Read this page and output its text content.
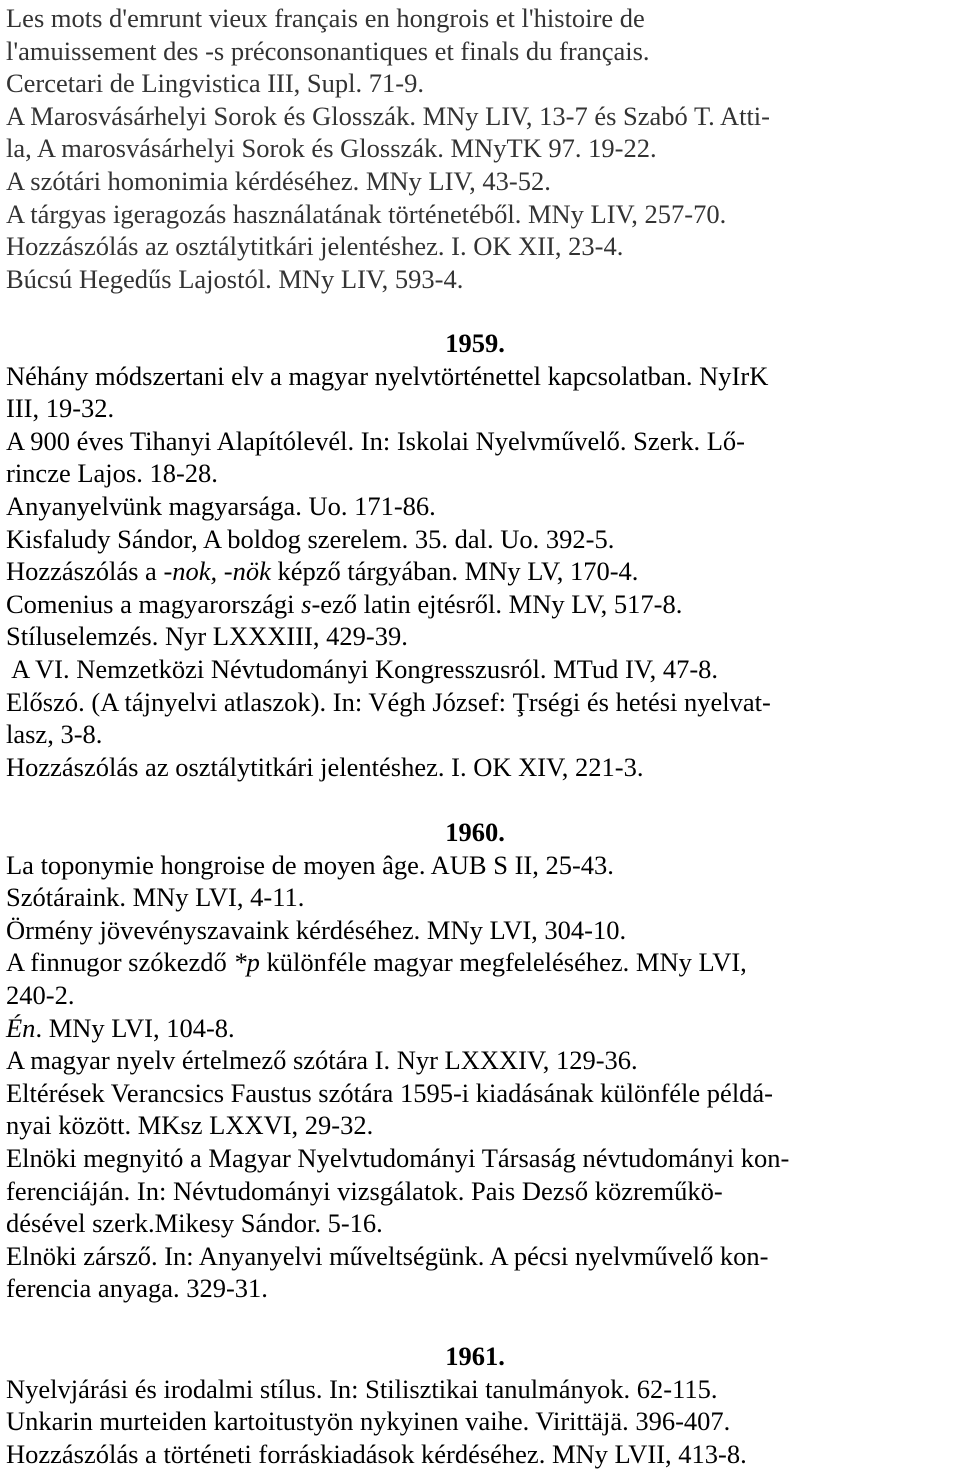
Les mots d'emrunt vieux français en hongrois et l'histoire de
l'amuissement des -s préconsonantiques et finals du français.
Cercetari de Lingvistica III, Supl. 71-9.
A Marosvásárhelyi Sorok és Glosszák. MNy LIV, 13-7 és Szabó T. Atti-
la, A marosvásárhelyi Sorok és Glosszák. MNyTK 97. 19-22.
A szótári homonimia kérdéséhez. MNy LIV, 43-52.
A tárgyas igeragozás használatának történetéből. MNy LIV, 257-70.
Hozzászólás az osztálytitkári jelentéshez. I. OK XII, 23-4.
Búcsú Hegedűs Lajostól. MNy LIV, 593-4.
1959.
Néhány módszertani elv a magyar nyelvtörténettel kapcsolatban. NyIrK
III, 19-32.
A 900 éves Tihanyi Alapítólevél. In: Iskolai Nyelvművelő. Szerk. Lő-
rincze Lajos. 18-28.
Anyanyelvünk magyarsága. Uo. 171-86.
Kisfaludy Sándor, A boldog szerelem. 35. dal. Uo. 392-5.
Hozzászólás a -nok, -nök képző tárgyában. MNy LV, 170-4.
Comenius a magyarországi s-ező latin ejtésről. MNy LV, 517-8.
Stíluselemzés. Nyr LXXXIII, 429-39.
A VI. Nemzetközi Névtudományi Kongresszusról. MTud IV, 47-8.
Előszó. (A tájnyelvi atlaszok). In: Végh József: Ţrségi és hetési nyelvat-
lasz, 3-8.
Hozzászólás az osztálytitkári jelentéshez. I. OK XIV, 221-3.
1960.
La toponymie hongroise de moyen âge. AUB S II, 25-43.
Szótáraink. MNy LVI, 4-11.
Örmény jövevényszavaink kérdéséhez. MNy LVI, 304-10.
A finnugor szókezdő *p különféle magyar megfeleléséhez. MNy LVI,
240-2.
Én. MNy LVI, 104-8.
A magyar nyelv értelmező szótára I. Nyr LXXXIV, 129-36.
Eltérések Verancsics Faustus szótára 1595-i kiadásának különféle példá-
nyai között. MKsz LXXVI, 29-32.
Elnöki megnyitó a Magyar Nyelvtudományi Társaság névtudományi kon-
ferenciáján. In: Névtudományi vizsgálatok. Pais Dezső közreműkö-
désével szerk.Mikesy Sándor. 5-16.
Elnöki zársző. In: Anyanyelvi műveltségünk. A pécsi nyelvművelő kon-
ferencia anyaga. 329-31.
1961.
Nyelvjárási és irodalmi stílus. In: Stilisztikai tanulmányok. 62-115.
Unkarin murteiden kartoitustyön nykyinen vaihe. Virittäjä. 396-407.
Hozzászólás a történeti forráskiadások kérdéséhez. MNy LVII, 413-8.
